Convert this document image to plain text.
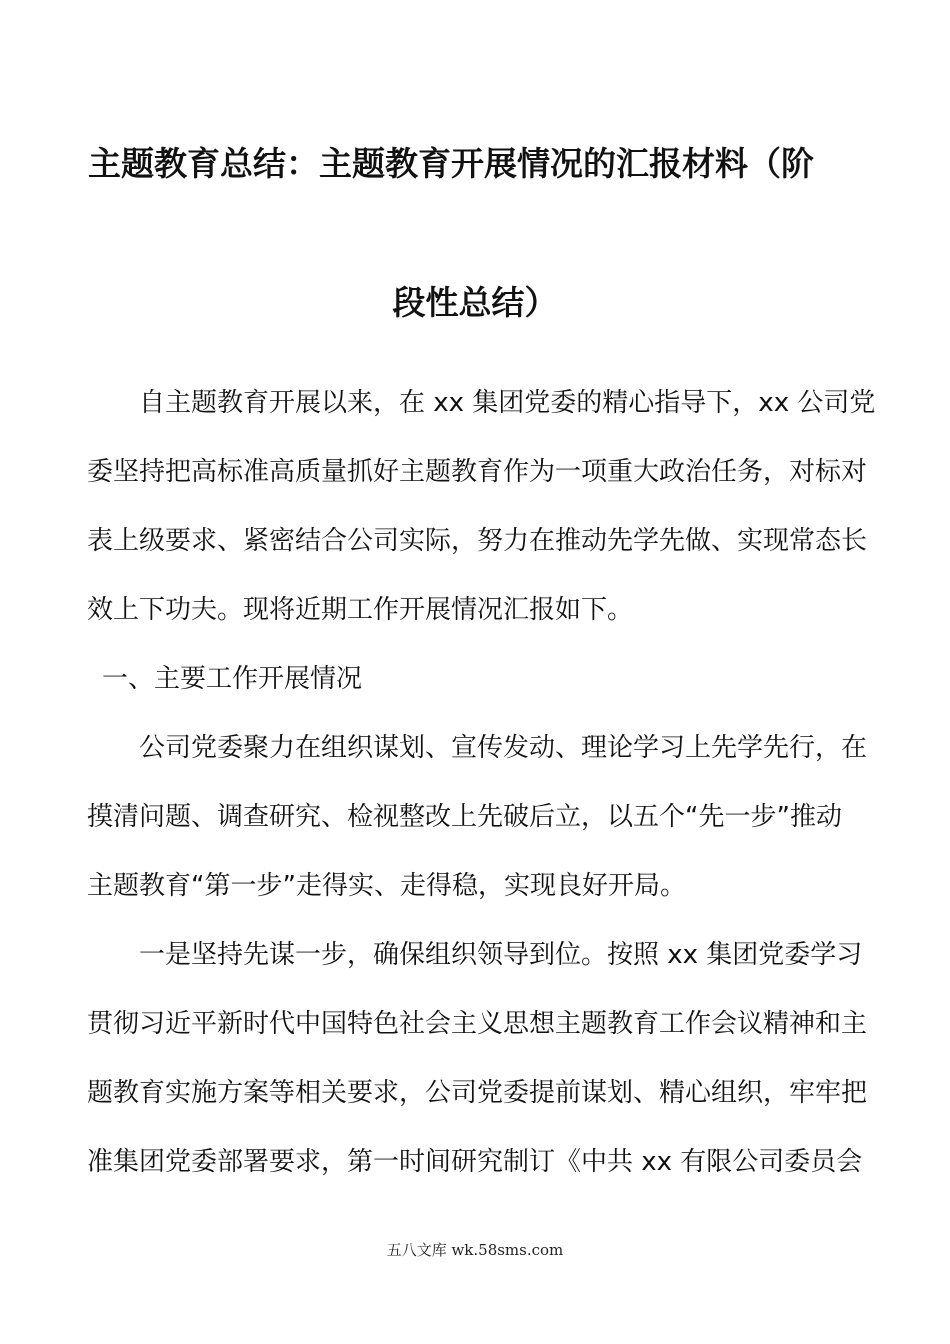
主题教育总结：主题教育开展情况的汇报材料（阶
段性总结）
自主题教育开展以来，在 xx 集团党委的精心指导下，xx 公司党
委坚持把高标准高质量抓好主题教育作为一项重大政治任务，对标对
表上级要求、紧密结合公司实际，努力在推动先学先做、实现常态长
效上下功夫。现将近期工作开展情况汇报如下。
一、主要工作开展情况
公司党委聚力在组织谋划、宣传发动、理论学习上先学先行，在
摸清问题、调查研究、检视整改上先破后立，以五个“先一步”推动
主题教育“第一步”走得实、走得稳，实现良好开局。
一是坚持先谋一步，确保组织领导到位。按照 xx 集团党委学习
贯彻习近平新时代中国特色社会主义思想主题教育工作会议精神和主
题教育实施方案等相关要求，公司党委提前谋划、精心组织，牢牢把
准集团党委部署要求，第一时间研究制订《中共 xx 有限公司委员会
五八文库 wk.58sms.com
